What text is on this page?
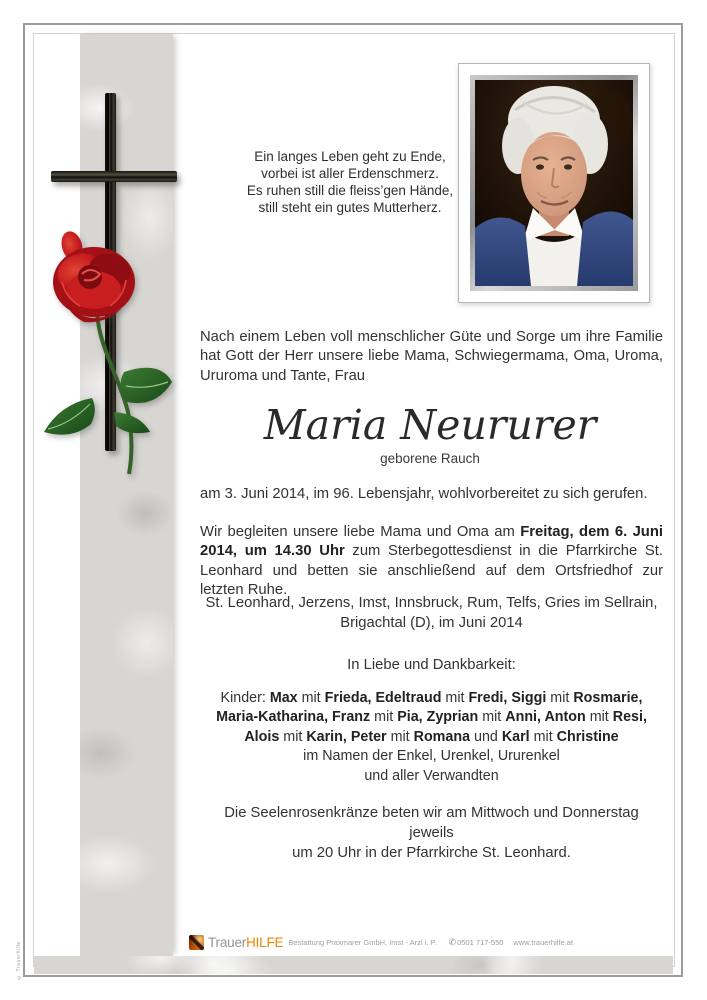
© Trauerhilfe
Ein langes Leben geht zu Ende,
vorbei ist aller Erdenschmerz.
Es ruhen still die fleiss’gen Hände,
still steht ein gutes Mutterherz.
Nach einem Leben voll menschlicher Güte und Sorge um ihre Familie hat Gott der Herr unsere liebe Mama, Schwiegermama, Oma, Uroma, Ururoma und Tante, Frau
Maria Neururer
geborene Rauch
am 3. Juni 2014, im 96. Lebensjahr, wohlvorbereitet zu sich gerufen.
Wir begleiten unsere liebe Mama und Oma am Freitag, dem 6. Juni 2014, um 14.30 Uhr zum Sterbegottesdienst in die Pfarrkirche St. Leonhard und betten sie anschließend auf dem Ortsfriedhof zur letzten Ruhe.
St. Leonhard, Jerzens, Imst, Innsbruck, Rum, Telfs, Gries im Sellrain,
Brigachtal (D), im Juni 2014
In Liebe und Dankbarkeit:
Kinder: Max mit Frieda, Edeltraud mit Fredi, Siggi mit Rosmarie,
Maria-Katharina, Franz mit Pia, Zyprian mit Anni, Anton mit Resi,
Alois mit Karin, Peter mit Romana und Karl mit Christine
im Namen der Enkel, Urenkel, Ururenkel
und aller Verwandten
Die Seelenrosenkränze beten wir am Mittwoch und Donnerstag jeweils
um 20 Uhr in der Pfarrkirche St. Leonhard.
TrauerHILFE Bestattung Praxmarer GmbH, Imst - Arzl i. P. ✆0501 717-550 www.trauerhilfe.at
